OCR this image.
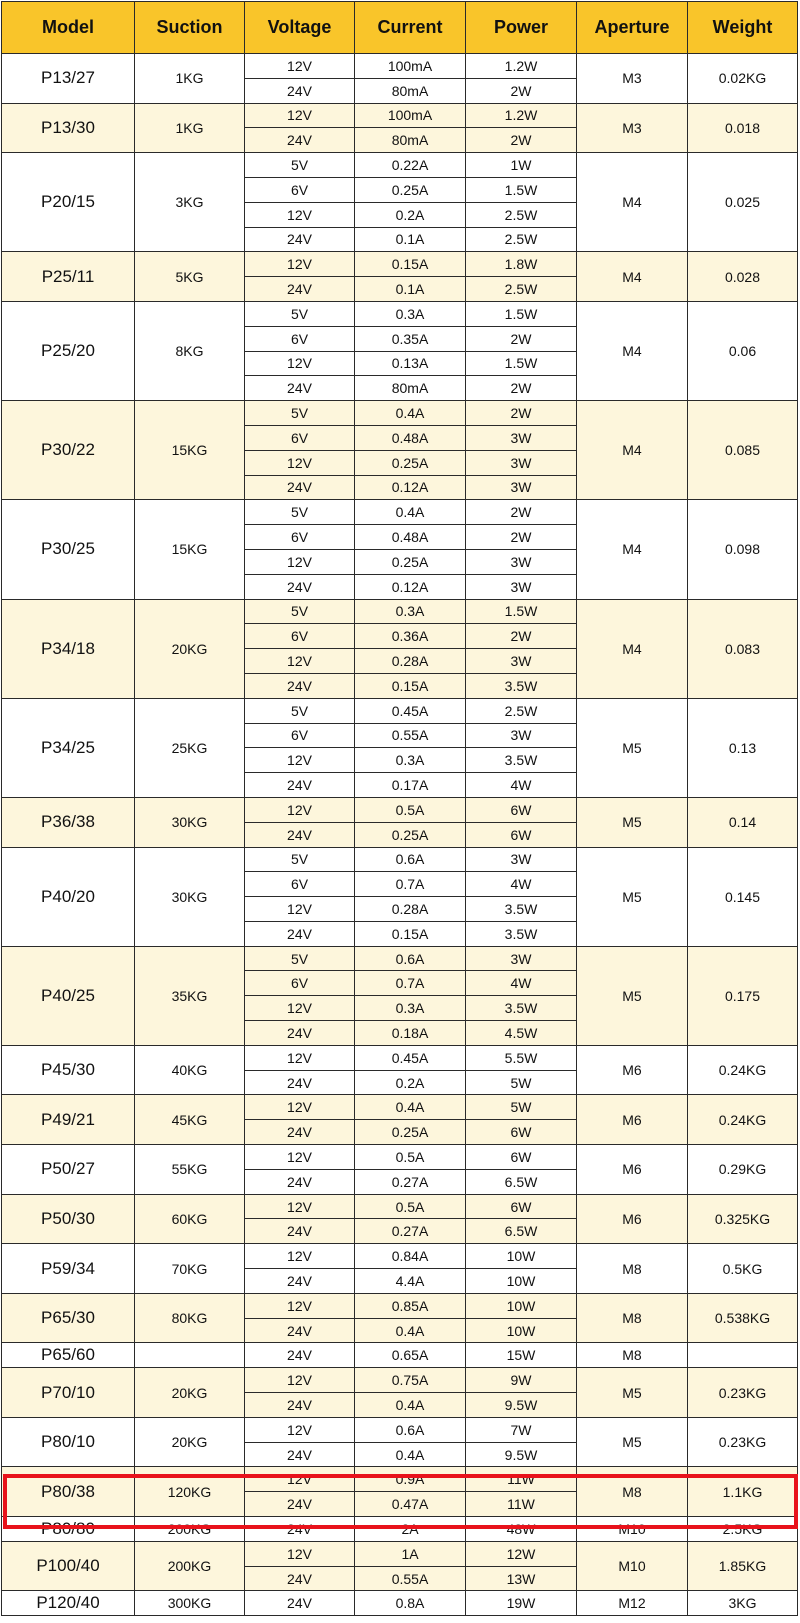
Model	Suction	Voltage	Current	Power	Aperture	Weight
P13/27	1KG	12V	100mA	1.2W	M3	0.02KG
		24V	80mA	2W		
P13/30	1KG	12V	100mA	1.2W	M3	0.018
		24V	80mA	2W		
P20/15	3KG	5V	0.22A	1W	M4	0.025
		6V	0.25A	1.5W		
		12V	0.2A	2.5W		
		24V	0.1A	2.5W		
P25/11	5KG	12V	0.15A	1.8W	M4	0.028
		24V	0.1A	2.5W		
P25/20	8KG	5V	0.3A	1.5W	M4	0.06
		6V	0.35A	2W		
		12V	0.13A	1.5W		
		24V	80mA	2W		
P30/22	15KG	5V	0.4A	2W	M4	0.085
		6V	0.48A	3W		
		12V	0.25A	3W		
		24V	0.12A	3W		
P30/25	15KG	5V	0.4A	2W	M4	0.098
		6V	0.48A	2W		
		12V	0.25A	3W		
		24V	0.12A	3W		
P34/18	20KG	5V	0.3A	1.5W	M4	0.083
		6V	0.36A	2W		
		12V	0.28A	3W		
		24V	0.15A	3.5W		
P34/25	25KG	5V	0.45A	2.5W	M5	0.13
		6V	0.55A	3W		
		12V	0.3A	3.5W		
		24V	0.17A	4W		
P36/38	30KG	12V	0.5A	6W	M5	0.14
		24V	0.25A	6W		
P40/20	30KG	5V	0.6A	3W	M5	0.145
		6V	0.7A	4W		
		12V	0.28A	3.5W		
		24V	0.15A	3.5W		
P40/25	35KG	5V	0.6A	3W	M5	0.175
		6V	0.7A	4W		
		12V	0.3A	3.5W		
		24V	0.18A	4.5W		
P45/30	40KG	12V	0.45A	5.5W	M6	0.24KG
		24V	0.2A	5W		
P49/21	45KG	12V	0.4A	5W	M6	0.24KG
		24V	0.25A	6W		
P50/27	55KG	12V	0.5A	6W	M6	0.29KG
		24V	0.27A	6.5W		
P50/30	60KG	12V	0.5A	6W	M6	0.325KG
		24V	0.27A	6.5W		
P59/34	70KG	12V	0.84A	10W	M8	0.5KG
		24V	4.4A	10W		
P65/30	80KG	12V	0.85A	10W	M8	0.538KG
		24V	0.4A	10W		
P65/60		24V	0.65A	15W	M8	
P70/10	20KG	12V	0.75A	9W	M5	0.23KG
		24V	0.4A	9.5W		
P80/10	20KG	12V	0.6A	7W	M5	0.23KG
		24V	0.4A	9.5W		
P80/38	120KG	12V	0.9A	11W	M8	1.1KG
		24V	0.47A	11W		
P80/80	200KG	24V	2A	48W	M10	2.5KG
P100/40	200KG	12V	1A	12W	M10	1.85KG
		24V	0.55A	13W		
P120/40	300KG	24V	0.8A	19W	M12	3KG
